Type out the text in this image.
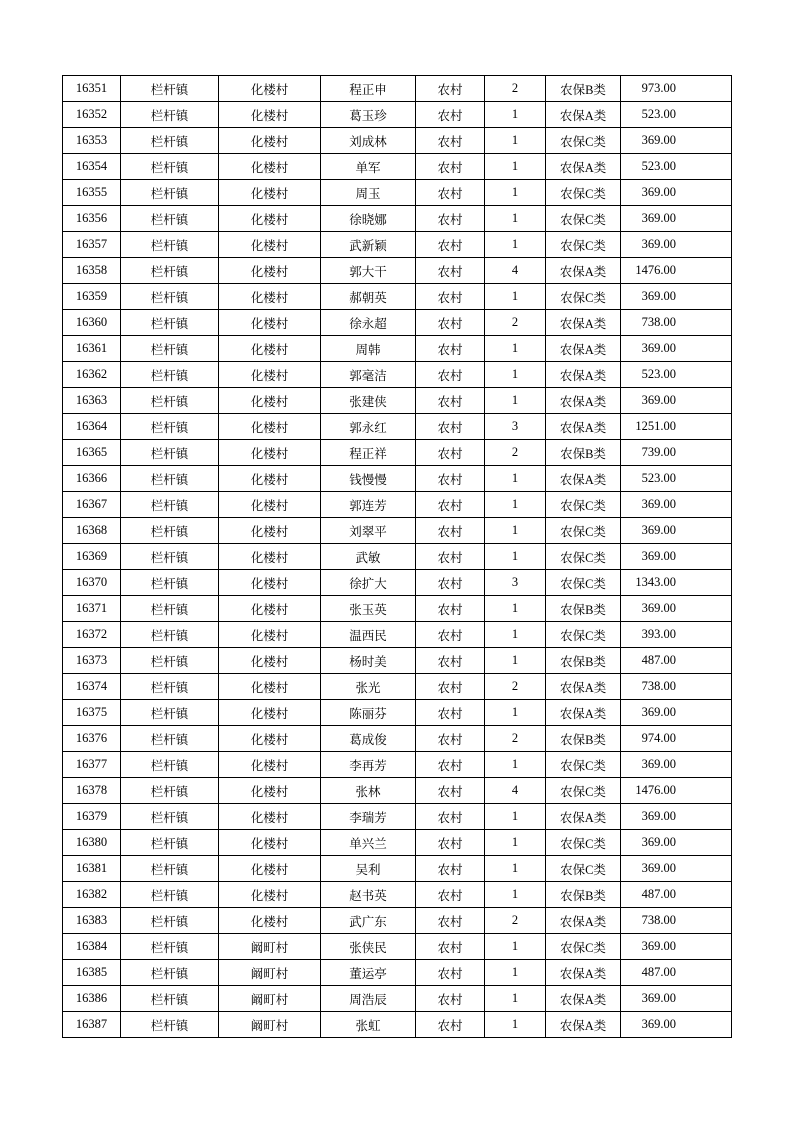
16351	栏杆镇	化楼村	程正申	农村	2	农保B类	973.00
16352	栏杆镇	化楼村	葛玉珍	农村	1	农保A类	523.00
16353	栏杆镇	化楼村	刘成林	农村	1	农保C类	369.00
16354	栏杆镇	化楼村	单军	农村	1	农保A类	523.00
16355	栏杆镇	化楼村	周玉	农村	1	农保C类	369.00
16356	栏杆镇	化楼村	徐晓娜	农村	1	农保C类	369.00
16357	栏杆镇	化楼村	武新颖	农村	1	农保C类	369.00
16358	栏杆镇	化楼村	郭大干	农村	4	农保A类	1476.00
16359	栏杆镇	化楼村	郝朝英	农村	1	农保C类	369.00
16360	栏杆镇	化楼村	徐永超	农村	2	农保A类	738.00
16361	栏杆镇	化楼村	周韩	农村	1	农保A类	369.00
16362	栏杆镇	化楼村	郭毫洁	农村	1	农保A类	523.00
16363	栏杆镇	化楼村	张建侠	农村	1	农保A类	369.00
16364	栏杆镇	化楼村	郭永红	农村	3	农保A类	1251.00
16365	栏杆镇	化楼村	程正祥	农村	2	农保B类	739.00
16366	栏杆镇	化楼村	钱慢慢	农村	1	农保A类	523.00
16367	栏杆镇	化楼村	郭连芳	农村	1	农保C类	369.00
16368	栏杆镇	化楼村	刘翠平	农村	1	农保C类	369.00
16369	栏杆镇	化楼村	武敏	农村	1	农保C类	369.00
16370	栏杆镇	化楼村	徐扩大	农村	3	农保C类	1343.00
16371	栏杆镇	化楼村	张玉英	农村	1	农保B类	369.00
16372	栏杆镇	化楼村	温西民	农村	1	农保C类	393.00
16373	栏杆镇	化楼村	杨时美	农村	1	农保B类	487.00
16374	栏杆镇	化楼村	张光	农村	2	农保A类	738.00
16375	栏杆镇	化楼村	陈丽芬	农村	1	农保A类	369.00
16376	栏杆镇	化楼村	葛成俊	农村	2	农保B类	974.00
16377	栏杆镇	化楼村	李再芳	农村	1	农保C类	369.00
16378	栏杆镇	化楼村	张林	农村	4	农保C类	1476.00
16379	栏杆镇	化楼村	李瑞芳	农村	1	农保A类	369.00
16380	栏杆镇	化楼村	单兴兰	农村	1	农保C类	369.00
16381	栏杆镇	化楼村	吴利	农村	1	农保C类	369.00
16382	栏杆镇	化楼村	赵书英	农村	1	农保B类	487.00
16383	栏杆镇	化楼村	武广东	农村	2	农保A类	738.00
16384	栏杆镇	阚町村	张侠民	农村	1	农保C类	369.00
16385	栏杆镇	阚町村	董运亭	农村	1	农保A类	487.00
16386	栏杆镇	阚町村	周浩辰	农村	1	农保A类	369.00
16387	栏杆镇	阚町村	张虹	农村	1	农保A类	369.00
